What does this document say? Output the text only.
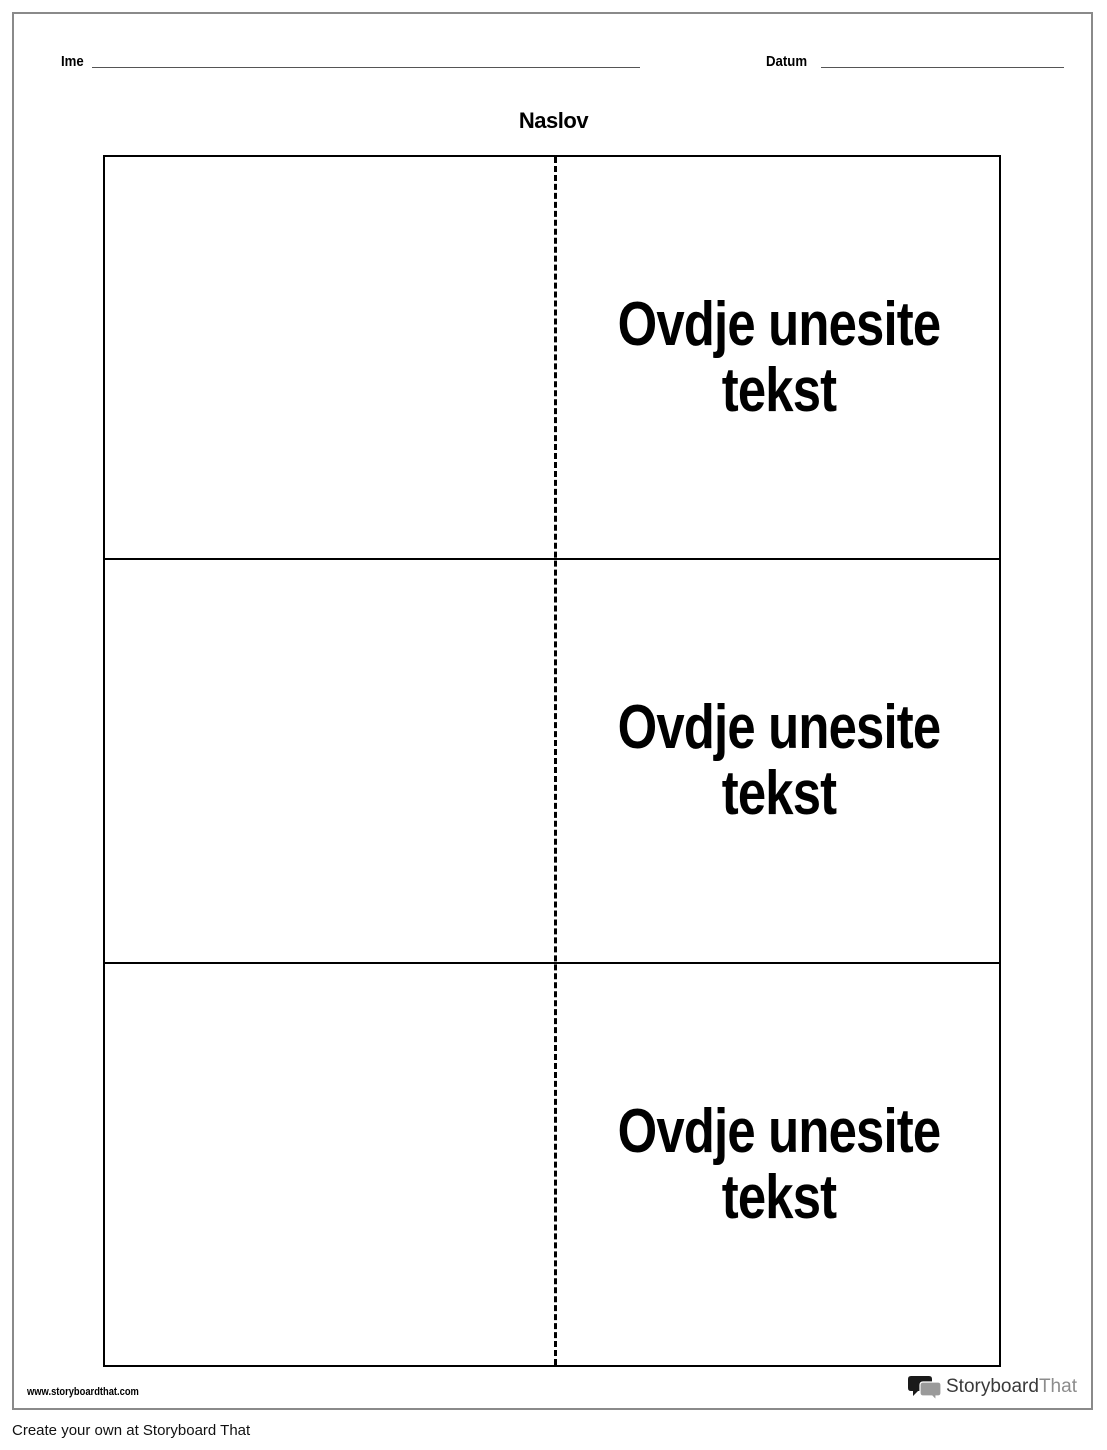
Ime	Datum
Naslov
Ovdje unesite tekst
Ovdje unesite tekst
Ovdje unesite tekst
www.storyboardthat.com	StoryboardThat
Create your own at Storyboard That
